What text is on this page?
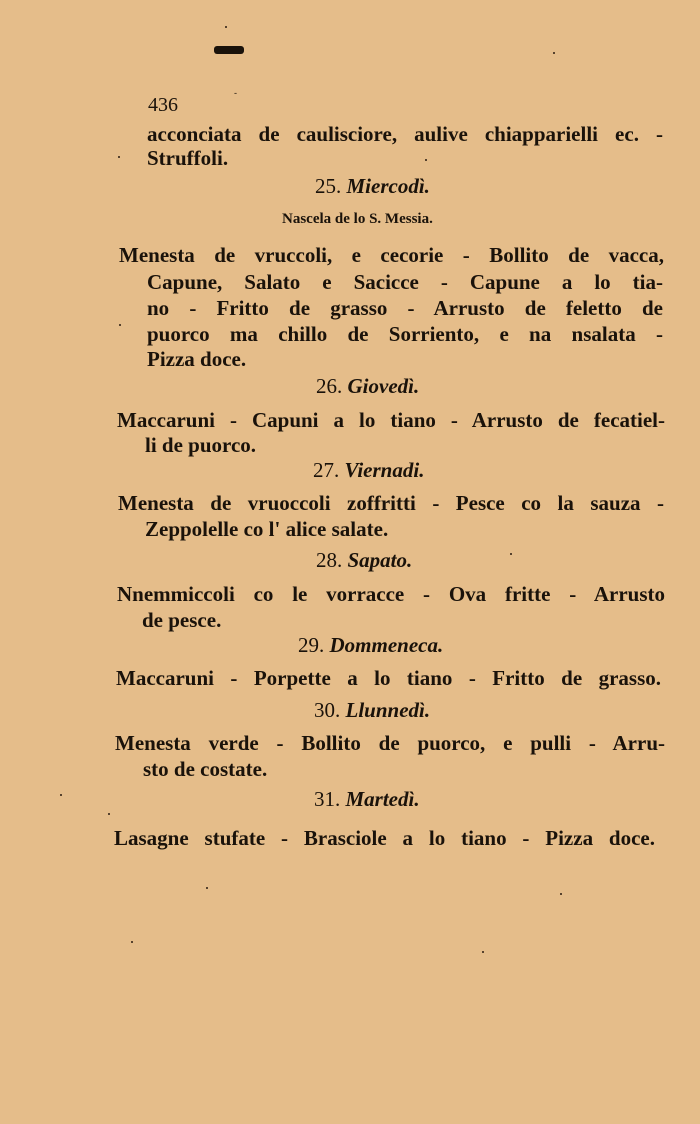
-
436
acconciata de caulisciore, aulive chiapparielli ec. -
Struffoli.
25. Miercodì.
Nascela de lo S. Messia.
Menesta de vruccoli, e cecorie - Bollito de vacca,
Capune, Salato e Sacicce - Capune a lo tia-
no - Fritto de grasso - Arrusto de feletto de
puorco ma chillo de Sorriento, e na nsalata -
Pizza doce.
26. Giovedì.
Maccaruni - Capuni a lo tiano - Arrusto de fecatiel-
li de puorco.
27. Viernadi.
Menesta de vruoccoli zoffritti - Pesce co la sauza -
Zeppolelle co l' alice salate.
28. Sapato.
Nnemmiccoli co le vorracce - Ova fritte - Arrusto
de pesce.
29. Dommeneca.
Maccaruni - Porpette a lo tiano - Fritto de grasso.
30. Llunnedì.
Menesta verde - Bollito de puorco, e pulli - Arru-
sto de costate.
31. Martedì.
Lasagne stufate - Brasciole a lo tiano - Pizza doce.
